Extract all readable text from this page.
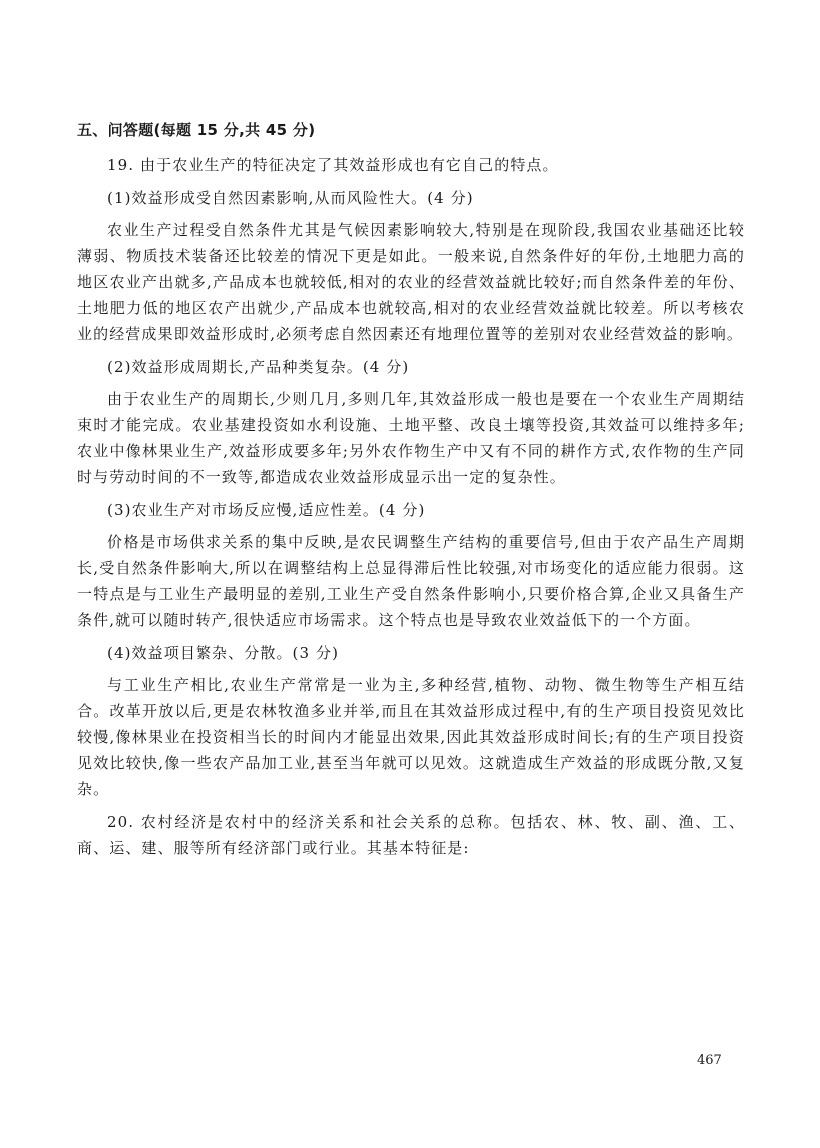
五、问答题(每题 15 分,共 45 分)

19. 由于农业生产的特征决定了其效益形成也有它自己的特点。

(1)效益形成受自然因素影响,从而风险性大。(4 分)

农业生产过程受自然条件尤其是气候因素影响较大,特别是在现阶段,我国农业基础还比较薄弱、物质技术装备还比较差的情况下更是如此。一般来说,自然条件好的年份,土地肥力高的地区农业产出就多,产品成本也就较低,相对的农业的经营效益就比较好;而自然条件差的年份、土地肥力低的地区农产出就少,产品成本也就较高,相对的农业经营效益就比较差。所以考核农业的经营成果即效益形成时,必须考虑自然因素还有地理位置等的差别对农业经营效益的影响。

(2)效益形成周期长,产品种类复杂。(4 分)

由于农业生产的周期长,少则几月,多则几年,其效益形成一般也是要在一个农业生产周期结束时才能完成。农业基建投资如水利设施、土地平整、改良土壤等投资,其效益可以维持多年;农业中像林果业生产,效益形成要多年;另外农作物生产中又有不同的耕作方式,农作物的生产同时与劳动时间的不一致等,都造成农业效益形成显示出一定的复杂性。

(3)农业生产对市场反应慢,适应性差。(4 分)

价格是市场供求关系的集中反映,是农民调整生产结构的重要信号,但由于农产品生产周期长,受自然条件影响大,所以在调整结构上总显得滞后性比较强,对市场变化的适应能力很弱。这一特点是与工业生产最明显的差别,工业生产受自然条件影响小,只要价格合算,企业又具备生产条件,就可以随时转产,很快适应市场需求。这个特点也是导致农业效益低下的一个方面。

(4)效益项目繁杂、分散。(3 分)

与工业生产相比,农业生产常常是一业为主,多种经营,植物、动物、微生物等生产相互结合。改革开放以后,更是农林牧渔多业并举,而且在其效益形成过程中,有的生产项目投资见效比较慢,像林果业在投资相当长的时间内才能显出效果,因此其效益形成时间长;有的生产项目投资见效比较快,像一些农产品加工业,甚至当年就可以见效。这就造成生产效益的形成既分散,又复杂。

20. 农村经济是农村中的经济关系和社会关系的总称。包括农、林、牧、副、渔、工、商、运、建、服等所有经济部门或行业。其基本特征是:

467
